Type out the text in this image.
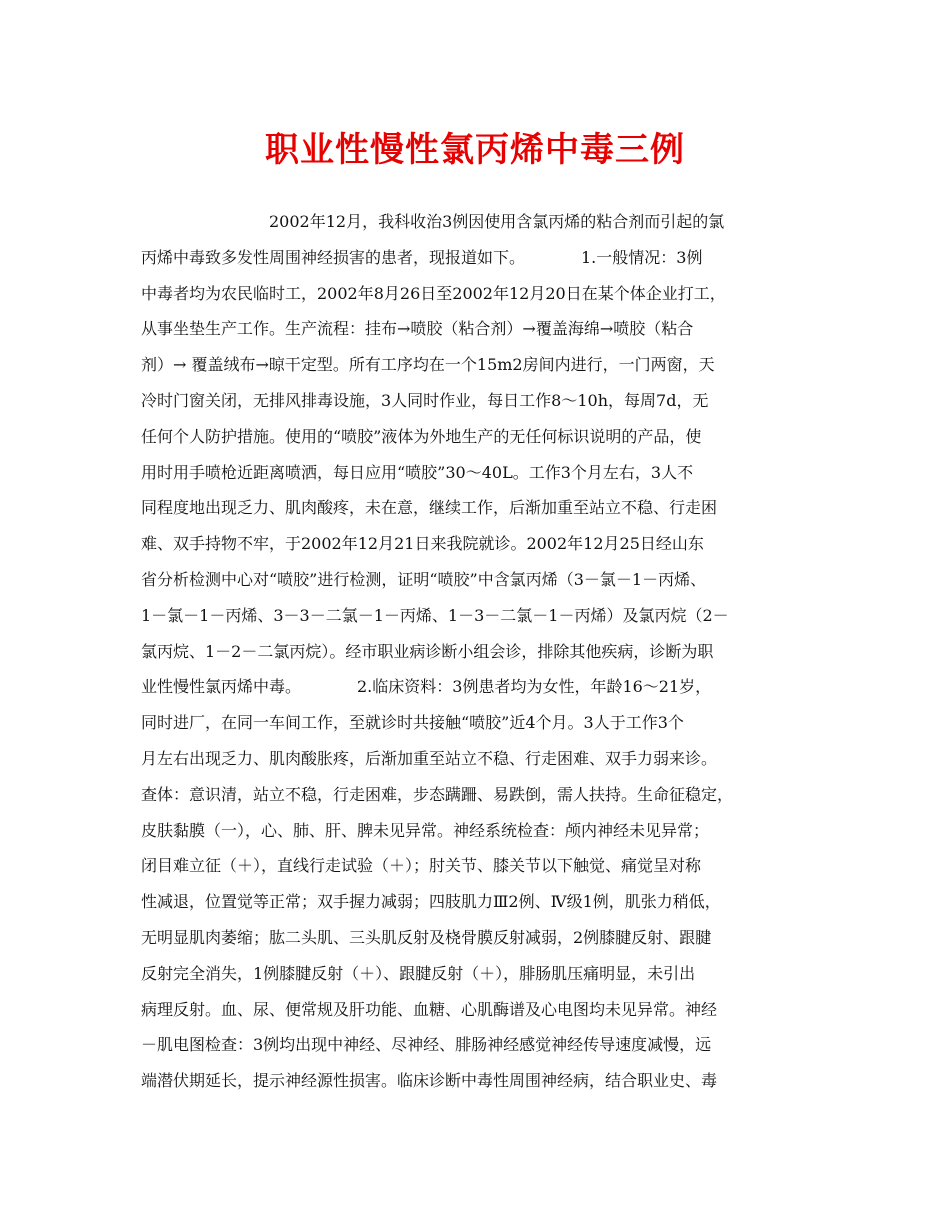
职业性慢性氯丙烯中毒三例
2002年12月，我科收治3例因使用含氯丙烯的粘合剂而引起的氯
丙烯中毒致多发性周围神经损害的患者，现报道如下。　　　　1.一般情况：3例
中毒者均为农民临时工，2002年8月26日至2002年12月20日在某个体企业打工，
从事坐垫生产工作。生产流程：挂布→喷胶（粘合剂）→覆盖海绵→喷胶（粘合
剂）→ 覆盖绒布→晾干定型。所有工序均在一个15m2房间内进行，一门两窗，天
冷时门窗关闭，无排风排毒设施，3人同时作业，每日工作8～10h，每周7d，无
任何个人防护措施。使用的“喷胶”液体为外地生产的无任何标识说明的产品，使
用时用手喷枪近距离喷洒，每日应用“喷胶”30～40L。工作3个月左右，3人不
同程度地出现乏力、肌肉酸疼，未在意，继续工作，后渐加重至站立不稳、行走困
难、双手持物不牢，于2002年12月21日来我院就诊。2002年12月25日经山东
省分析检测中心对“喷胶”进行检测，证明“喷胶”中含氯丙烯（3－氯－1－丙烯、
1－氯－1－丙烯、3－3－二氯－1－丙烯、1－3－二氯－1－丙烯）及氯丙烷（2－
氯丙烷、1－2－二氯丙烷）。经市职业病诊断小组会诊，排除其他疾病，诊断为职
业性慢性氯丙烯中毒。　　　　2.临床资料：3例患者均为女性，年龄16～21岁，
同时进厂，在同一车间工作，至就诊时共接触“喷胶”近4个月。3人于工作3个
月左右出现乏力、肌肉酸胀疼，后渐加重至站立不稳、行走困难、双手力弱来诊。
查体：意识清，站立不稳，行走困难，步态蹒跚、易跌倒，需人扶持。生命征稳定，
皮肤黏膜（一），心、肺、肝、脾未见异常。神经系统检查：颅内神经未见异常；
闭目难立征（＋），直线行走试验（＋）；肘关节、膝关节以下触觉、痛觉呈对称
性减退，位置觉等正常；双手握力减弱；四肢肌力Ⅲ2例、Ⅳ级1例，肌张力稍低，
无明显肌肉萎缩；肱二头肌、三头肌反射及桡骨膜反射减弱，2例膝腱反射、跟腱
反射完全消失，1例膝腱反射（＋）、跟腱反射（＋），腓肠肌压痛明显，未引出
病理反射。血、尿、便常规及肝功能、血糖、心肌酶谱及心电图均未见异常。神经
－肌电图检查：3例均出现中神经、尽神经、腓肠神经感觉神经传导速度减慢，远
端潜伏期延长，提示神经源性损害。临床诊断中毒性周围神经病，结合职业史、毒
